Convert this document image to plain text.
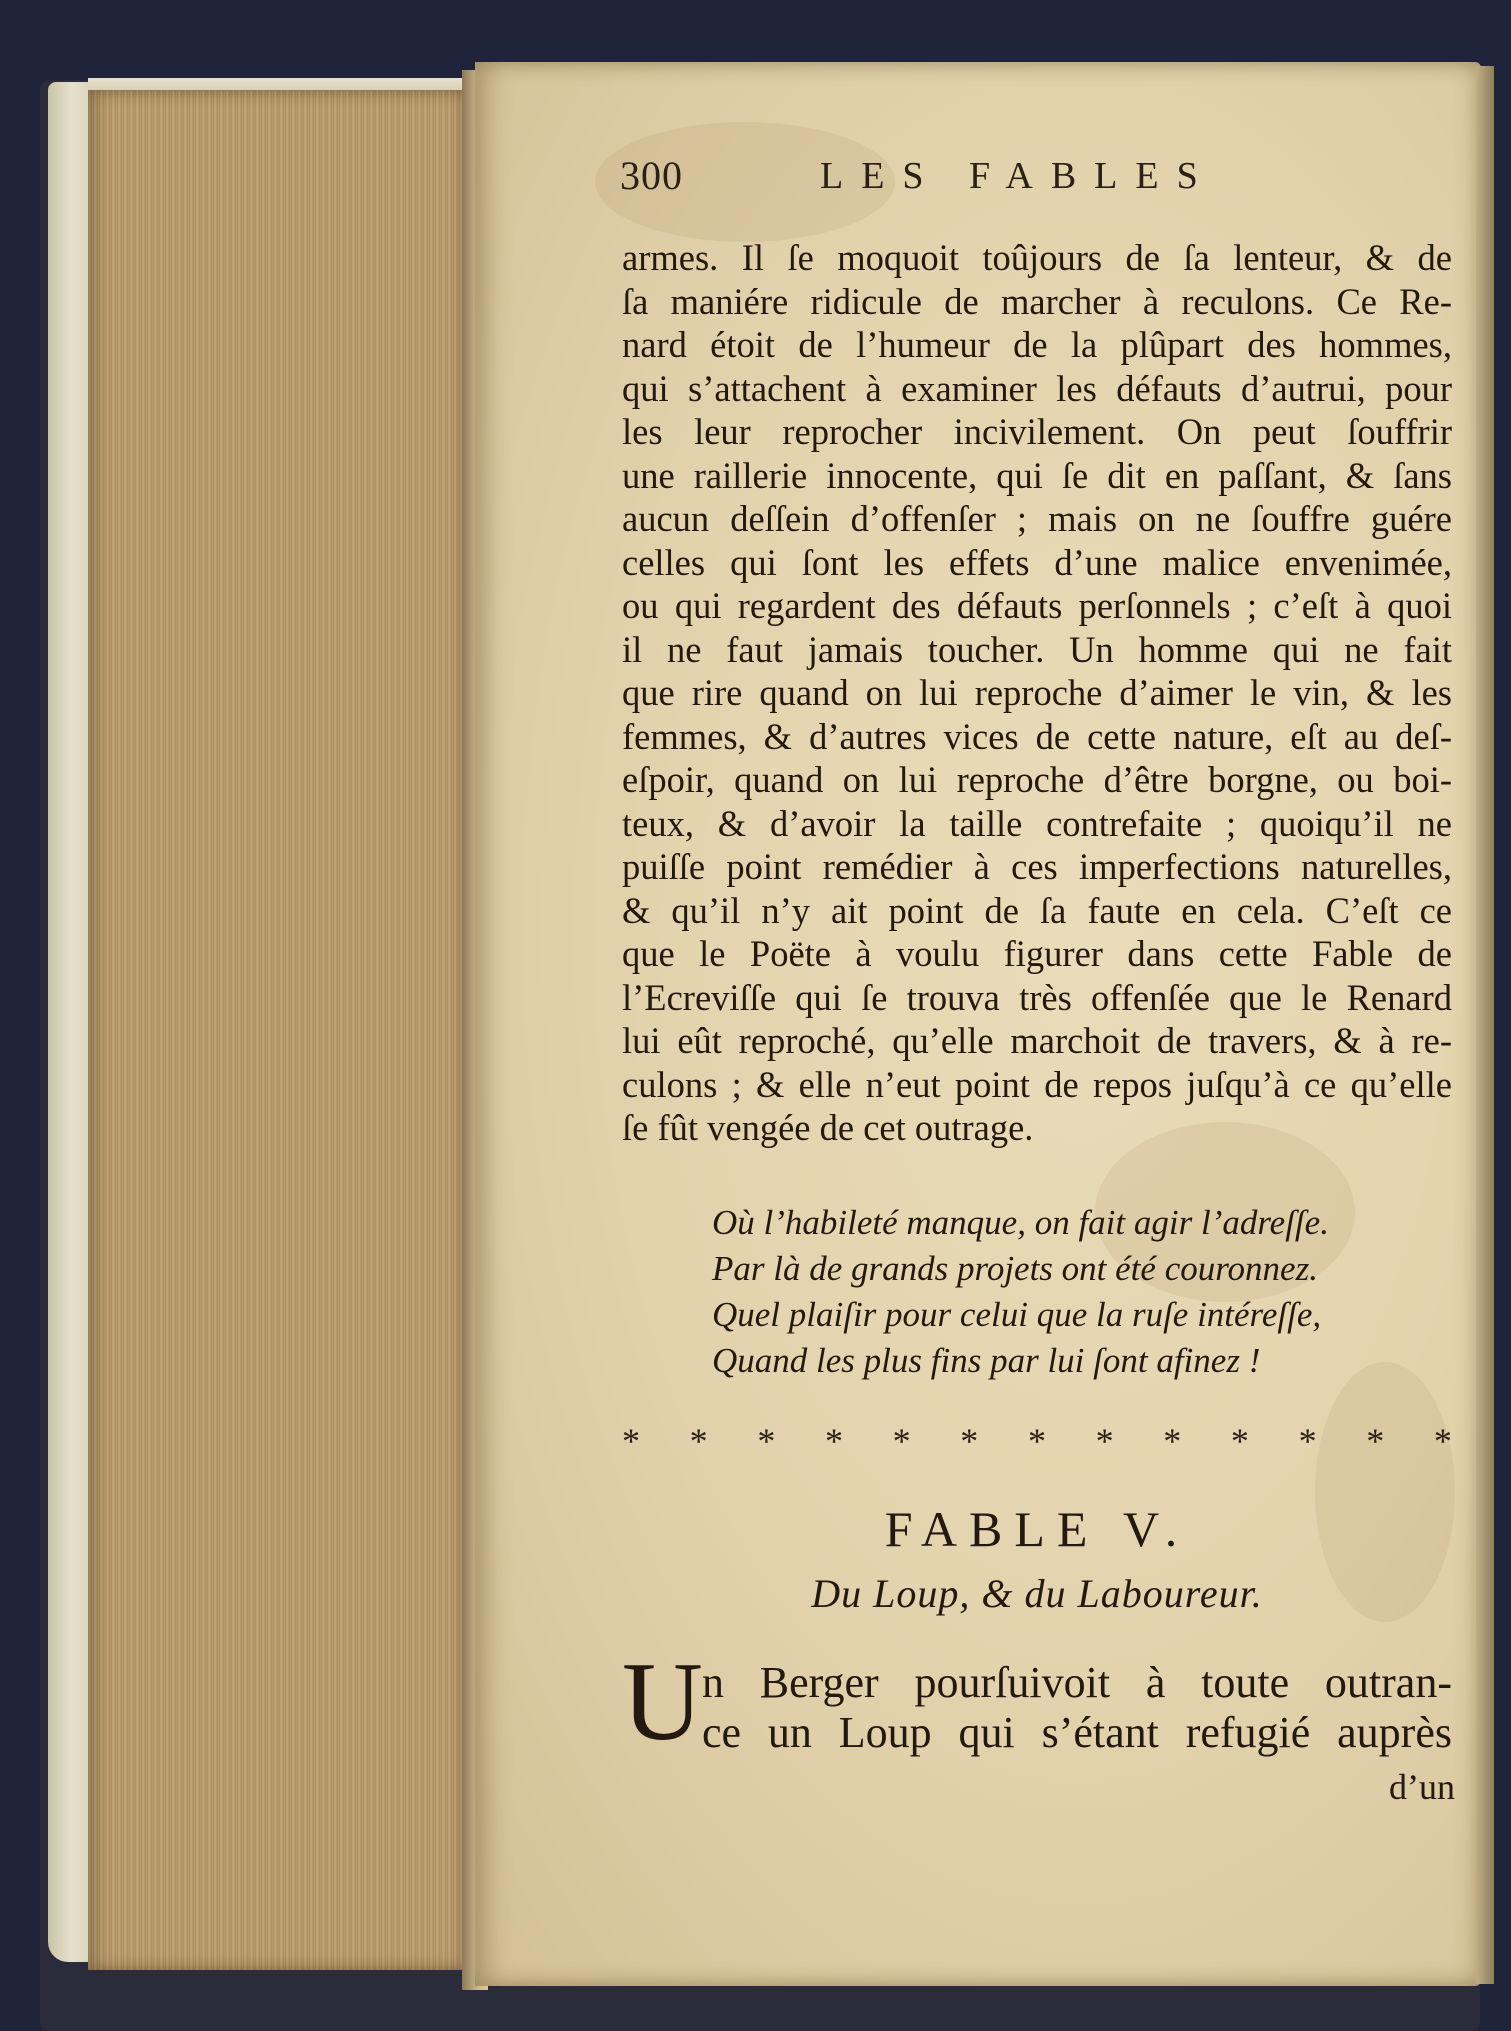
300	LES FABLES
armes. Il ſe moquoit toûjours de ſa lenteur, & de
ſa maniére ridicule de marcher à reculons. Ce Re-
nard étoit de l’humeur de la plûpart des hommes,
qui s’attachent à examiner les défauts d’autrui, pour
les leur reprocher incivilement. On peut ſouffrir
une raillerie innocente, qui ſe dit en paſſant, & ſans
aucun deſſein d’offenſer ; mais on ne ſouffre guére
celles qui ſont les effets d’une malice envenimée,
ou qui regardent des défauts perſonnels ; c’eſt à quoi
il ne faut jamais toucher. Un homme qui ne fait
que rire quand on lui reproche d’aimer le vin, & les
femmes, & d’autres vices de cette nature, eſt au deſ-
eſpoir, quand on lui reproche d’être borgne, ou boi-
teux, & d’avoir la taille contrefaite ; quoiqu’il ne
puiſſe point remédier à ces imperfections naturelles,
& qu’il n’y ait point de ſa faute en cela. C’eſt ce
que le Poëte à voulu figurer dans cette Fable de
l’Ecreviſſe qui ſe trouva très offenſée que le Renard
lui eût reproché, qu’elle marchoit de travers, & à re-
culons ; & elle n’eut point de repos juſqu’à ce qu’elle
ſe fût vengée de cet outrage.
Où l’habileté manque, on fait agir l’adreſſe.
Par là de grands projets ont été couronnez.
Quel plaiſir pour celui que la ruſe intéreſſe,
Quand les plus fins par lui ſont afinez !
* * * * * * * * * * * * *
FABLE V.
Du Loup, & du Laboureur.
U n Berger pourſuivoit à toute outran-
ce un Loup qui s’étant refugié auprès
d’un
